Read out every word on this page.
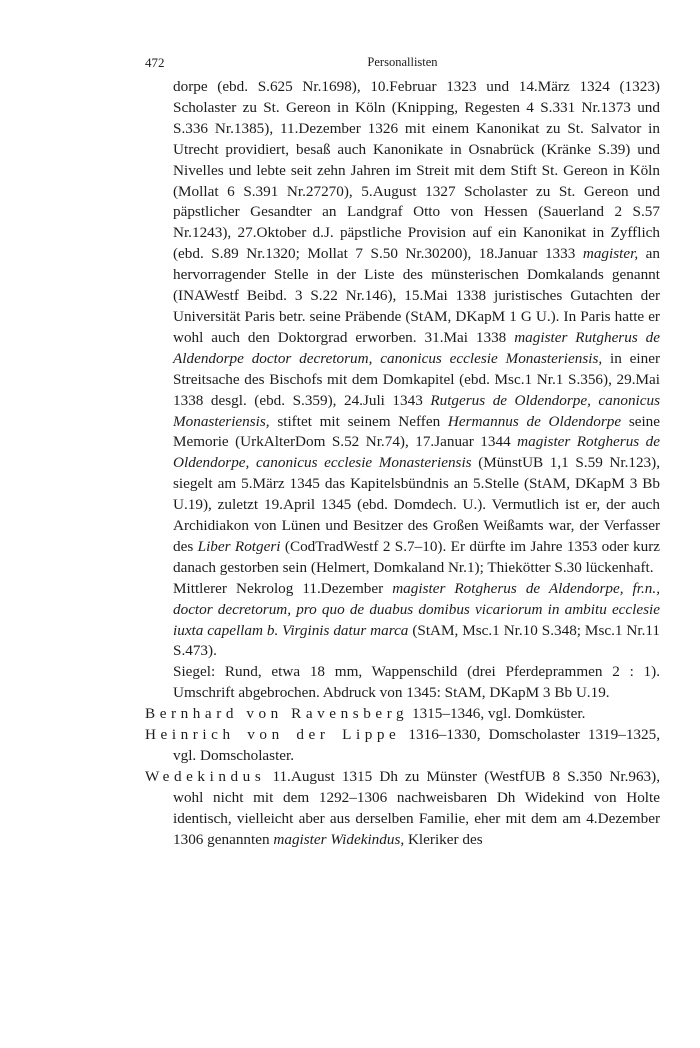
472	Personallisten

dorpe (ebd. S.625 Nr.1698), 10.Februar 1323 und 14.März 1324 (1323) Scholaster zu St. Gereon in Köln (Knipping, Regesten 4 S.331 Nr.1373 und S.336 Nr.1385), 11.Dezember 1326 mit einem Kanonikat zu St. Salvator in Utrecht providiert, besaß auch Kanonikate in Osnabrück (Kränke S.39) und Nivelles und lebte seit zehn Jahren im Streit mit dem Stift St. Gereon in Köln (Mollat 6 S.391 Nr.27270), 5.August 1327 Scholaster zu St. Gereon und päpstlicher Gesandter an Landgraf Otto von Hessen (Sauerland 2 S.57 Nr.1243), 27.Oktober d.J. päpstliche Provision auf ein Kanonikat in Zyfflich (ebd. S.89 Nr.1320; Mollat 7 S.50 Nr.30200), 18.Januar 1333 magister, an hervorragender Stelle in der Liste des münsterischen Domkalands genannt (INAWestf Beibd. 3 S.22 Nr.146), 15.Mai 1338 juristisches Gutachten der Universität Paris betr. seine Präbende (StAM, DKapM 1 G U.). In Paris hatte er wohl auch den Doktorgrad erworben. 31.Mai 1338 magister Rutgherus de Aldendorpe doctor decretorum, canonicus ecclesie Monasteriensis, in einer Streitsache des Bischofs mit dem Domkapitel (ebd. Msc.1 Nr.1 S.356), 29.Mai 1338 desgl. (ebd. S.359), 24.Juli 1343 Rutgerus de Oldendorpe, canonicus Monasteriensis, stiftet mit seinem Neffen Hermannus de Oldendorpe seine Memorie (UrkAlterDom S.52 Nr.74), 17.Januar 1344 magister Rotgherus de Oldendorpe, canonicus ecclesie Monasteriensis (MünstUB 1,1 S.59 Nr.123), siegelt am 5.März 1345 das Kapitelsbündnis an 5.Stelle (StAM, DKapM 3 Bb U.19), zuletzt 19.April 1345 (ebd. Domdech. U.). Vermutlich ist er, der auch Archidiakon von Lünen und Besitzer des Großen Weißamts war, der Verfasser des Liber Rotgeri (CodTradWestf 2 S.7–10). Er dürfte im Jahre 1353 oder kurz danach gestorben sein (Helmert, Domkaland Nr.1); Thiekötter S.30 lückenhaft.

Mittlerer Nekrolog 11.Dezember magister Rotgherus de Aldendorpe, fr.n., doctor decretorum, pro quo de duabus domibus vicariorum in ambitu ecclesie iuxta capellam b. Virginis datur marca (StAM, Msc.1 Nr.10 S.348; Msc.1 Nr.11 S.473).

Siegel: Rund, etwa 18 mm, Wappenschild (drei Pferdeprammen 2 : 1). Umschrift abgebrochen. Abdruck von 1345: StAM, DKapM 3 Bb U.19.

Bernhard von Ravensberg 1315–1346, vgl. Domküster.

Heinrich von der Lippe 1316–1330, Domscholaster 1319–1325, vgl. Domscholaster.

Wedekindus 11.August 1315 Dh zu Münster (WestfUB 8 S.350 Nr.963), wohl nicht mit dem 1292–1306 nachweisbaren Dh Widekind von Holte identisch, vielleicht aber aus derselben Familie, eher mit dem am 4.Dezember 1306 genannten magister Widekindus, Kleriker des
